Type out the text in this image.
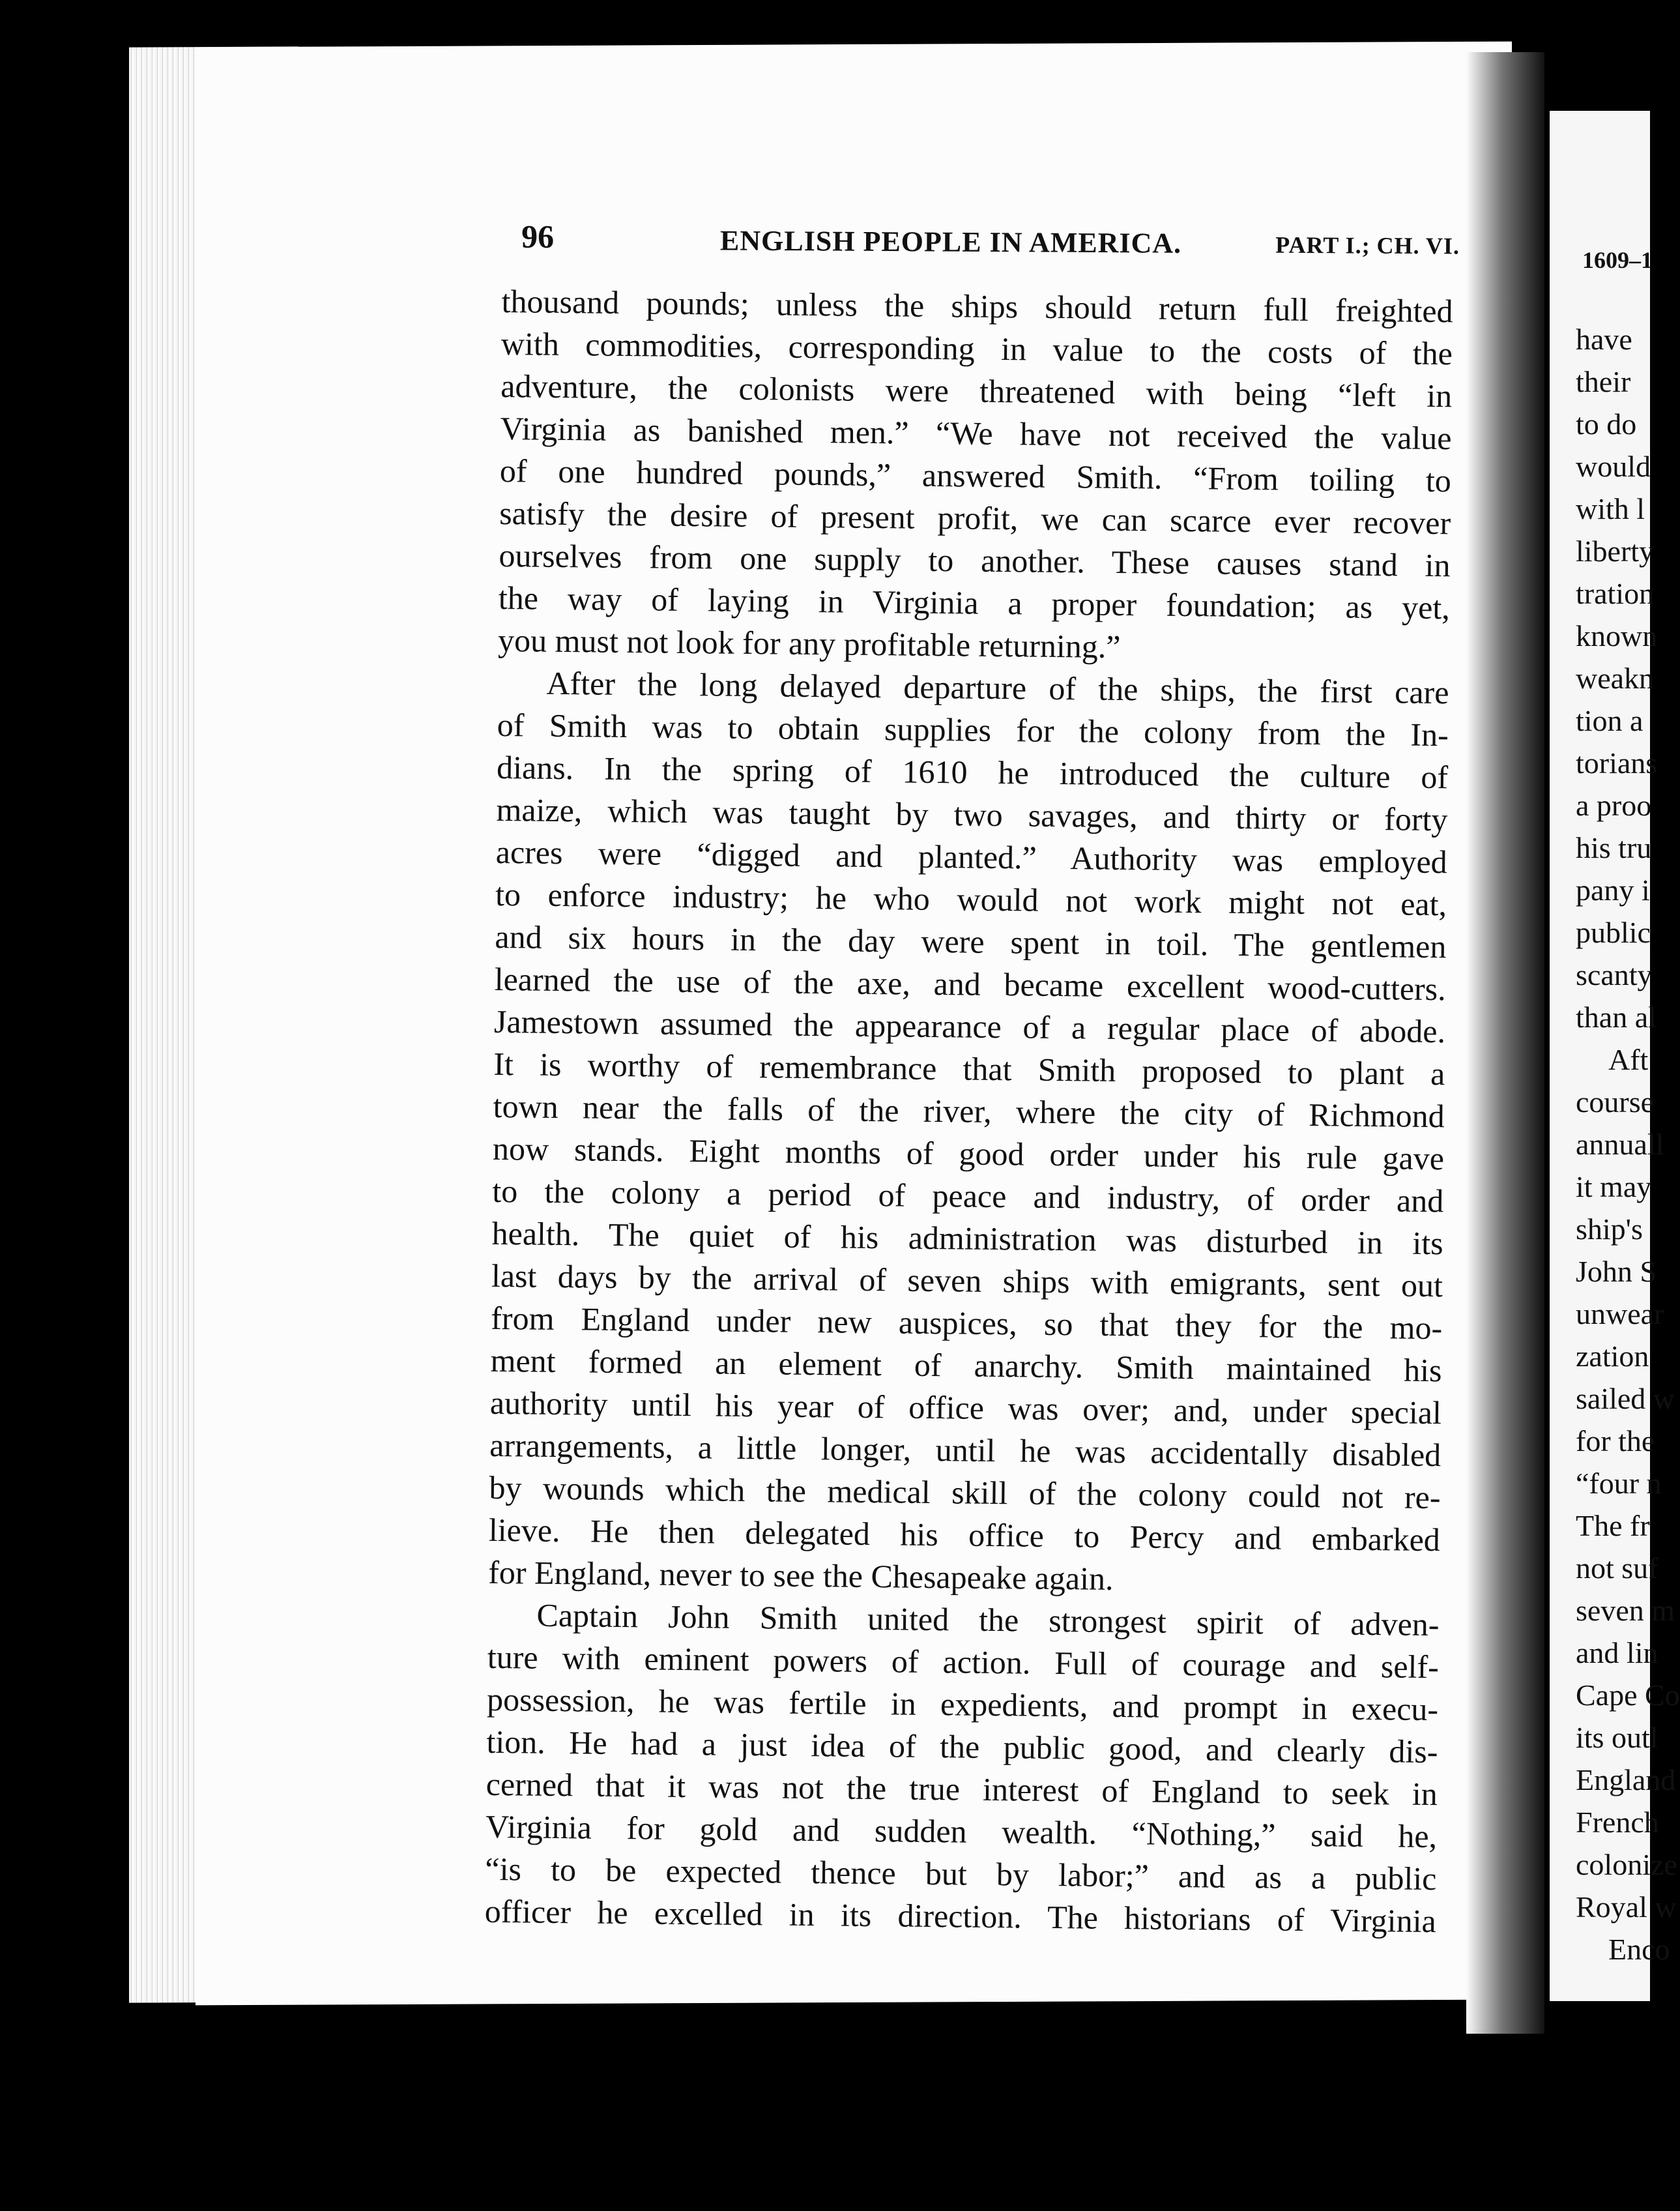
96	ENGLISH PEOPLE IN AMERICA.	PART I.; CH. VI.
thousand pounds; unless the ships should return full freighted
with commodities, corresponding in value to the costs of the
adventure, the colonists were threatened with being “left in
Virginia as banished men.” “We have not received the value
of one hundred pounds,” answered Smith. “From toiling to
satisfy the desire of present profit, we can scarce ever recover
ourselves from one supply to another. These causes stand in
the way of laying in Virginia a proper foundation; as yet,
you must not look for any profitable returning.”
After the long delayed departure of the ships, the first care
of Smith was to obtain supplies for the colony from the In-
dians. In the spring of 1610 he introduced the culture of
maize, which was taught by two savages, and thirty or forty
acres were “digged and planted.” Authority was employed
to enforce industry; he who would not work might not eat,
and six hours in the day were spent in toil. The gentlemen
learned the use of the axe, and became excellent wood-cutters.
Jamestown assumed the appearance of a regular place of abode.
It is worthy of remembrance that Smith proposed to plant a
town near the falls of the river, where the city of Richmond
now stands. Eight months of good order under his rule gave
to the colony a period of peace and industry, of order and
health. The quiet of his administration was disturbed in its
last days by the arrival of seven ships with emigrants, sent out
from England under new auspices, so that they for the mo-
ment formed an element of anarchy. Smith maintained his
authority until his year of office was over; and, under special
arrangements, a little longer, until he was accidentally disabled
by wounds which the medical skill of the colony could not re-
lieve. He then delegated his office to Percy and embarked
for England, never to see the Chesapeake again.
Captain John Smith united the strongest spirit of adven-
ture with eminent powers of action. Full of courage and self-
possession, he was fertile in expedients, and prompt in execu-
tion. He had a just idea of the public good, and clearly dis-
cerned that it was not the true interest of England to seek in
Virginia for gold and sudden wealth. “Nothing,” said he,
“is to be expected thence but by labor;” and as a public
officer he excelled in its direction. The historians of Virginia
1609–1
have
their
to do
would
with l
liberty
tration
known
weakn
tion a
torians
a proo
his tru
pany i
public
scanty
than al
Aft
course
annuall
it may
ship's
John S
unwear
zation
sailed w
for the
“four n
The fr
not suf
seven m
and lin
Cape Co
its outl
England
French
colonize
Royal w
Enco
